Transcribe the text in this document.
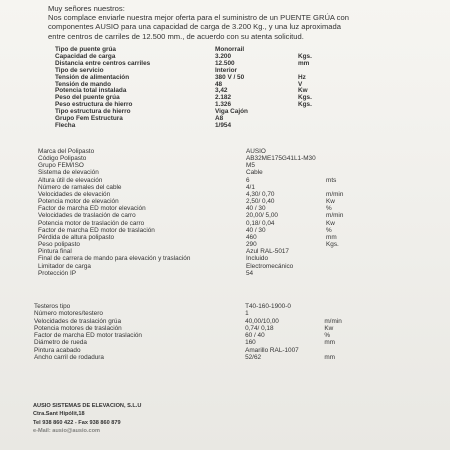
Muy señores nuestros:
Nos complace enviarle nuestra mejor oferta para el suministro de un PUENTE GRÚA con
componentes AUSIO para una capacidad de carga de 3.200 Kg., y una luz aproximada
entre centros de carriles de 12.500 mm., de acuerdo con su atenta solicitud.
Tipo de puente grúa	Monorrail
Capacidad de carga	3.200	Kgs.
Distancia entre centros carriles	12.500	mm
Tipo de servicio	Interior
Tensión de alimentación	380 V / 50	Hz
Tensión de mando	48	V
Potencia total instalada	3,42	Kw
Peso del puente grúa	2.182	Kgs.
Peso estructura de hierro	1.326	Kgs.
Tipo estructura de hierro	Viga Cajón
Grupo Fem Estructura	A8
Flecha	1/954
Marca del Polipasto	AUSIO
Código Polipasto	AB32ME175G41L1-M30
Grupo FEM/ISO	M5
Sistema de elevación	Cable
Altura útil de elevación	6	mts
Número de ramales del cable	4/1
Velocidades de elevación	4,30/ 0,70	m/min
Potencia motor de elevación	2,50/ 0,40	Kw
Factor de marcha ED motor elevación	40 / 30	%
Velocidades de traslación de carro	20,00/ 5,00	m/min
Potencia motor de traslación de carro	0,18/ 0,04	Kw
Factor de marcha ED motor de traslación	40 / 30	%
Pérdida de altura polipasto	460	mm
Peso polipasto	290	Kgs.
Pintura final	Azul RAL-5017
Final de carrera de mando para elevación y traslación	Incluido
Limitador de carga	Electromecánico
Protección IP	54
Testeros tipo	T40-160-1900-0
Número motores/testero	1
Velocidades de traslación grúa	40,00/10,00	m/min
Potencia motores de traslación	0,74/ 0,18	Kw
Factor de marcha ED motor traslación	60 / 40	%
Diámetro de rueda	160	mm
Pintura acabado	Amarillo RAL-1007
Ancho carril de rodadura	52/62	mm
AUSIO SISTEMAS DE ELEVACION, S.L.U
Ctra.Sant Hipólit,18
Tel 938 860 422 - Fax 938 860 879
e-Mail: ausio@ausio.com
